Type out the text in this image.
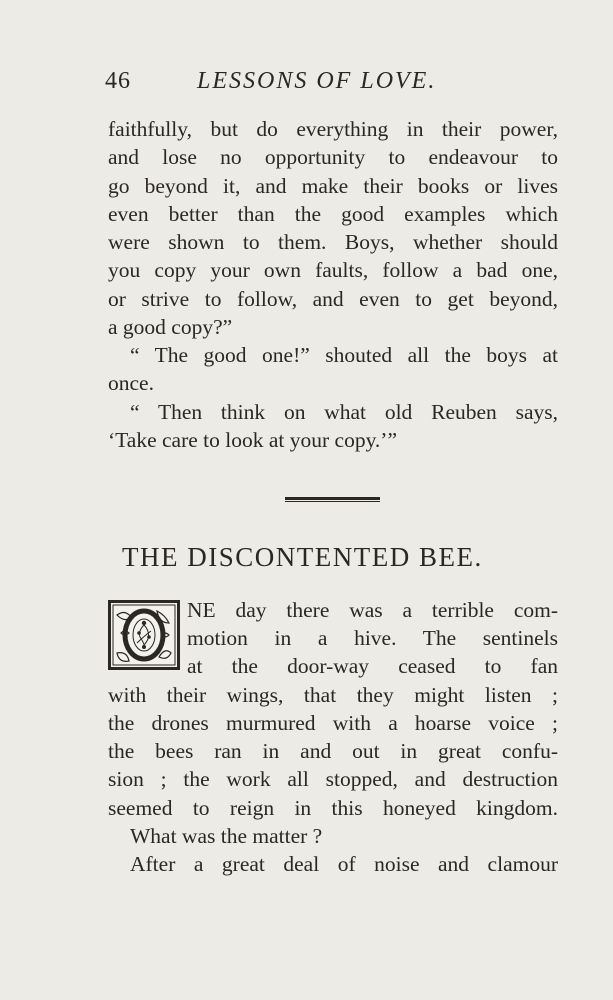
46	LESSONS OF LOVE.
faithfully, but do everything in their power,
and lose no opportunity to endeavour to
go beyond it, and make their books or lives
even better than the good examples which
were shown to them. Boys, whether should
you copy your own faults, follow a bad one,
or strive to follow, and even to get beyond,
a good copy?”
“ The good one!” shouted all the boys at
once.
“ Then think on what old Reuben says,
‘Take care to look at your copy.’”
THE DISCONTENTED BEE.
NE day there was a terrible com-
motion in a hive. The sentinels
at the door-way ceased to fan
with their wings, that they might listen ;
the drones murmured with a hoarse voice ;
the bees ran in and out in great confu-
sion ; the work all stopped, and destruction
seemed to reign in this honeyed kingdom.
What was the matter ?
After a great deal of noise and clamour
